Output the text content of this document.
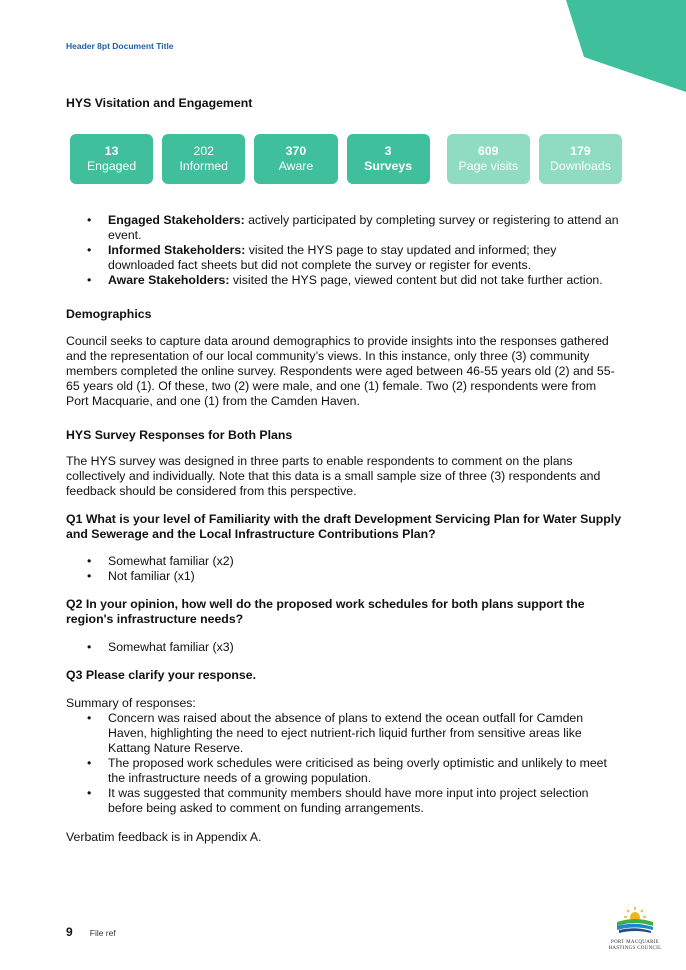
Header 8pt Document Title
HYS Visitation and Engagement
13
Engaged
202
Informed
370
Aware
3
Surveys
609
Page visits
179
Downloads
• Engaged Stakeholders: actively participated by completing survey or registering to attend an event.
• Informed Stakeholders: visited the HYS page to stay updated and informed; they downloaded fact sheets but did not complete the survey or register for events.
• Aware Stakeholders: visited the HYS page, viewed content but did not take further action.
Demographics

Council seeks to capture data around demographics to provide insights into the responses gathered and the representation of our local community’s views. In this instance, only three (3) community members completed the online survey. Respondents were aged between 46-55 years old (2) and 55-65 years old (1). Of these, two (2) were male, and one (1) female. Two (2) respondents were from Port Macquarie, and one (1) from the Camden Haven.

HYS Survey Responses for Both Plans

The HYS survey was designed in three parts to enable respondents to comment on the plans collectively and individually. Note that this data is a small sample size of three (3) respondents and feedback should be considered from this perspective.

Q1 What is your level of Familiarity with the draft Development Servicing Plan for Water Supply and Sewerage and the Local Infrastructure Contributions Plan?
• Somewhat familiar (x2)
• Not familiar (x1)
Q2 In your opinion, how well do the proposed work schedules for both plans support the region's infrastructure needs?
• Somewhat familiar (x3)
Q3 Please clarify your response.

Summary of responses:

• Concern was raised about the absence of plans to extend the ocean outfall for Camden Haven, highlighting the need to eject nutrient-rich liquid further from sensitive areas like Kattang Nature Reserve.
• The proposed work schedules were criticised as being overly optimistic and unlikely to meet the infrastructure needs of a growing population.
• It was suggested that community members should have more input into project selection before being asked to comment on funding arrangements.

Verbatim feedback is in Appendix A.

9 File ref
PORT MACQUARIE
HASTINGS COUNCIL
